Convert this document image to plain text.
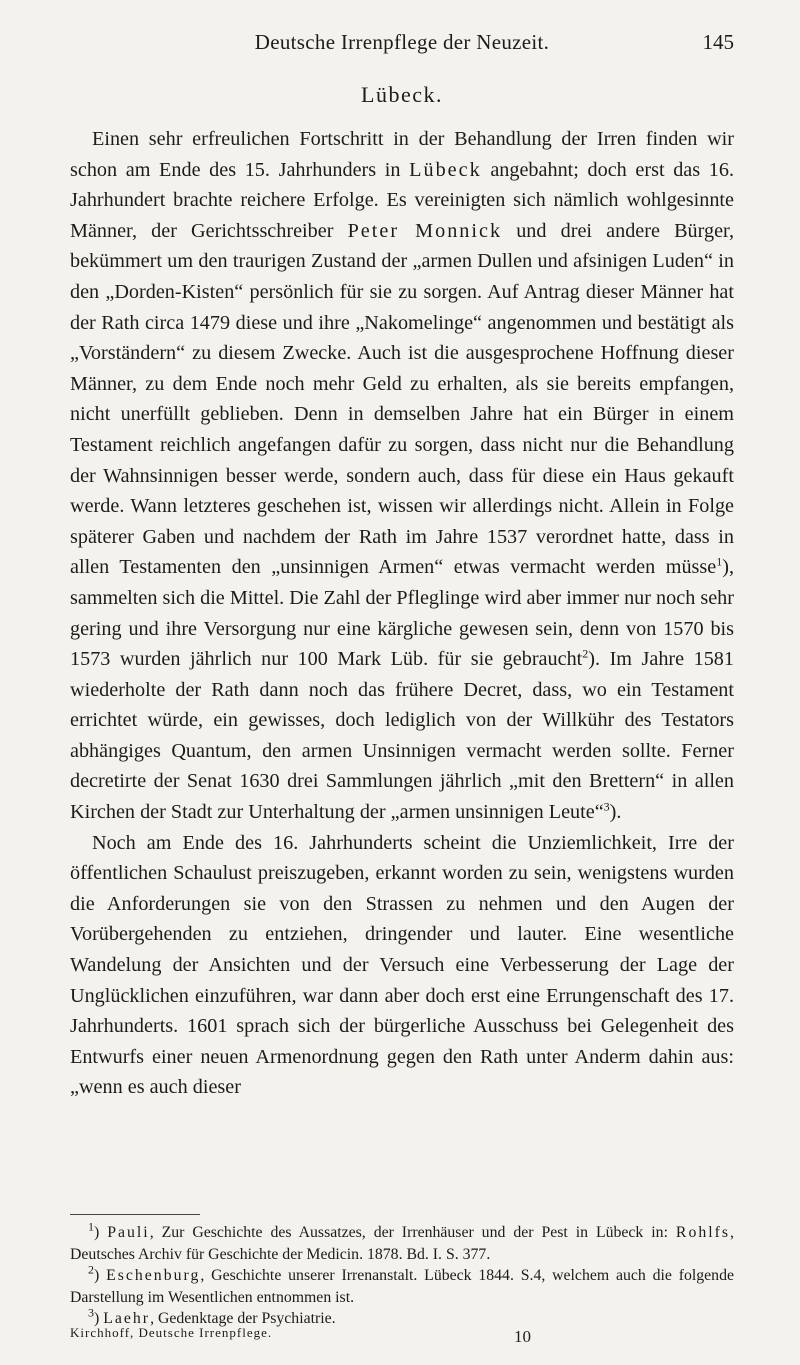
Deutsche Irrenpflege der Neuzeit.	145
Lübeck.

Einen sehr erfreulichen Fortschritt in der Behandlung der Irren finden wir schon am Ende des 15. Jahrhunders in Lübeck angebahnt; doch erst das 16. Jahrhundert brachte reichere Erfolge. Es vereinigten sich nämlich wohlgesinnte Männer, der Gerichtsschreiber Peter Monnick und drei andere Bürger, bekümmert um den traurigen Zustand der „armen Dullen und afsinigen Luden“ in den „Dorden-Kisten“ persönlich für sie zu sorgen. Auf Antrag dieser Männer hat der Rath circa 1479 diese und ihre „Nakomelinge“ angenommen und bestätigt als „Vorständern“ zu diesem Zwecke. Auch ist die ausgesprochene Hoffnung dieser Männer, zu dem Ende noch mehr Geld zu erhalten, als sie bereits empfangen, nicht unerfüllt geblieben. Denn in demselben Jahre hat ein Bürger in einem Testament reichlich angefangen dafür zu sorgen, dass nicht nur die Behandlung der Wahnsinnigen besser werde, sondern auch, dass für diese ein Haus gekauft werde. Wann letzteres geschehen ist, wissen wir allerdings nicht. Allein in Folge späterer Gaben und nachdem der Rath im Jahre 1537 verordnet hatte, dass in allen Testamenten den „unsinnigen Armen“ etwas vermacht werden müsse$^1$), sammelten sich die Mittel. Die Zahl der Pfleglinge wird aber immer nur noch sehr gering und ihre Versorgung nur eine kärgliche gewesen sein, denn von 1570 bis 1573 wurden jährlich nur 100 Mark Lüb. für sie gebraucht$^2$). Im Jahre 1581 wiederholte der Rath dann noch das frühere Decret, dass, wo ein Testament errichtet würde, ein gewisses, doch lediglich von der Willkühr des Testators abhängiges Quantum, den armen Unsinnigen vermacht werden sollte. Ferner decretirte der Senat 1630 drei Sammlungen jährlich „mit den Brettern“ in allen Kirchen der Stadt zur Unterhaltung der „armen unsinnigen Leute“$^3$).

Noch am Ende des 16. Jahrhunderts scheint die Unziemlichkeit, Irre der öffentlichen Schaulust preiszugeben, erkannt worden zu sein, wenigstens wurden die Anforderungen sie von den Strassen zu nehmen und den Augen der Vorübergehenden zu entziehen, dringender und lauter. Eine wesentliche Wandelung der Ansichten und der Versuch eine Verbesserung der Lage der Unglücklichen einzuführen, war dann aber doch erst eine Errungenschaft des 17. Jahrhunderts. 1601 sprach sich der bürgerliche Ausschuss bei Gelegenheit des Entwurfs einer neuen Armenordnung gegen den Rath unter Anderm dahin aus: „wenn es auch dieser

$^1$) Pauli, Zur Geschichte des Aussatzes, der Irrenhäuser und der Pest in Lübeck in: Rohlfs, Deutsches Archiv für Geschichte der Medicin. 1878. Bd. I. S. 377.

$^2$) Eschenburg, Geschichte unserer Irrenanstalt. Lübeck 1844. S.4, welchem auch die folgende Darstellung im Wesentlichen entnommen ist.

$^3$) Laehr, Gedenktage der Psychiatrie.

Kirchhoff, Deutsche Irrenpflege.	10
